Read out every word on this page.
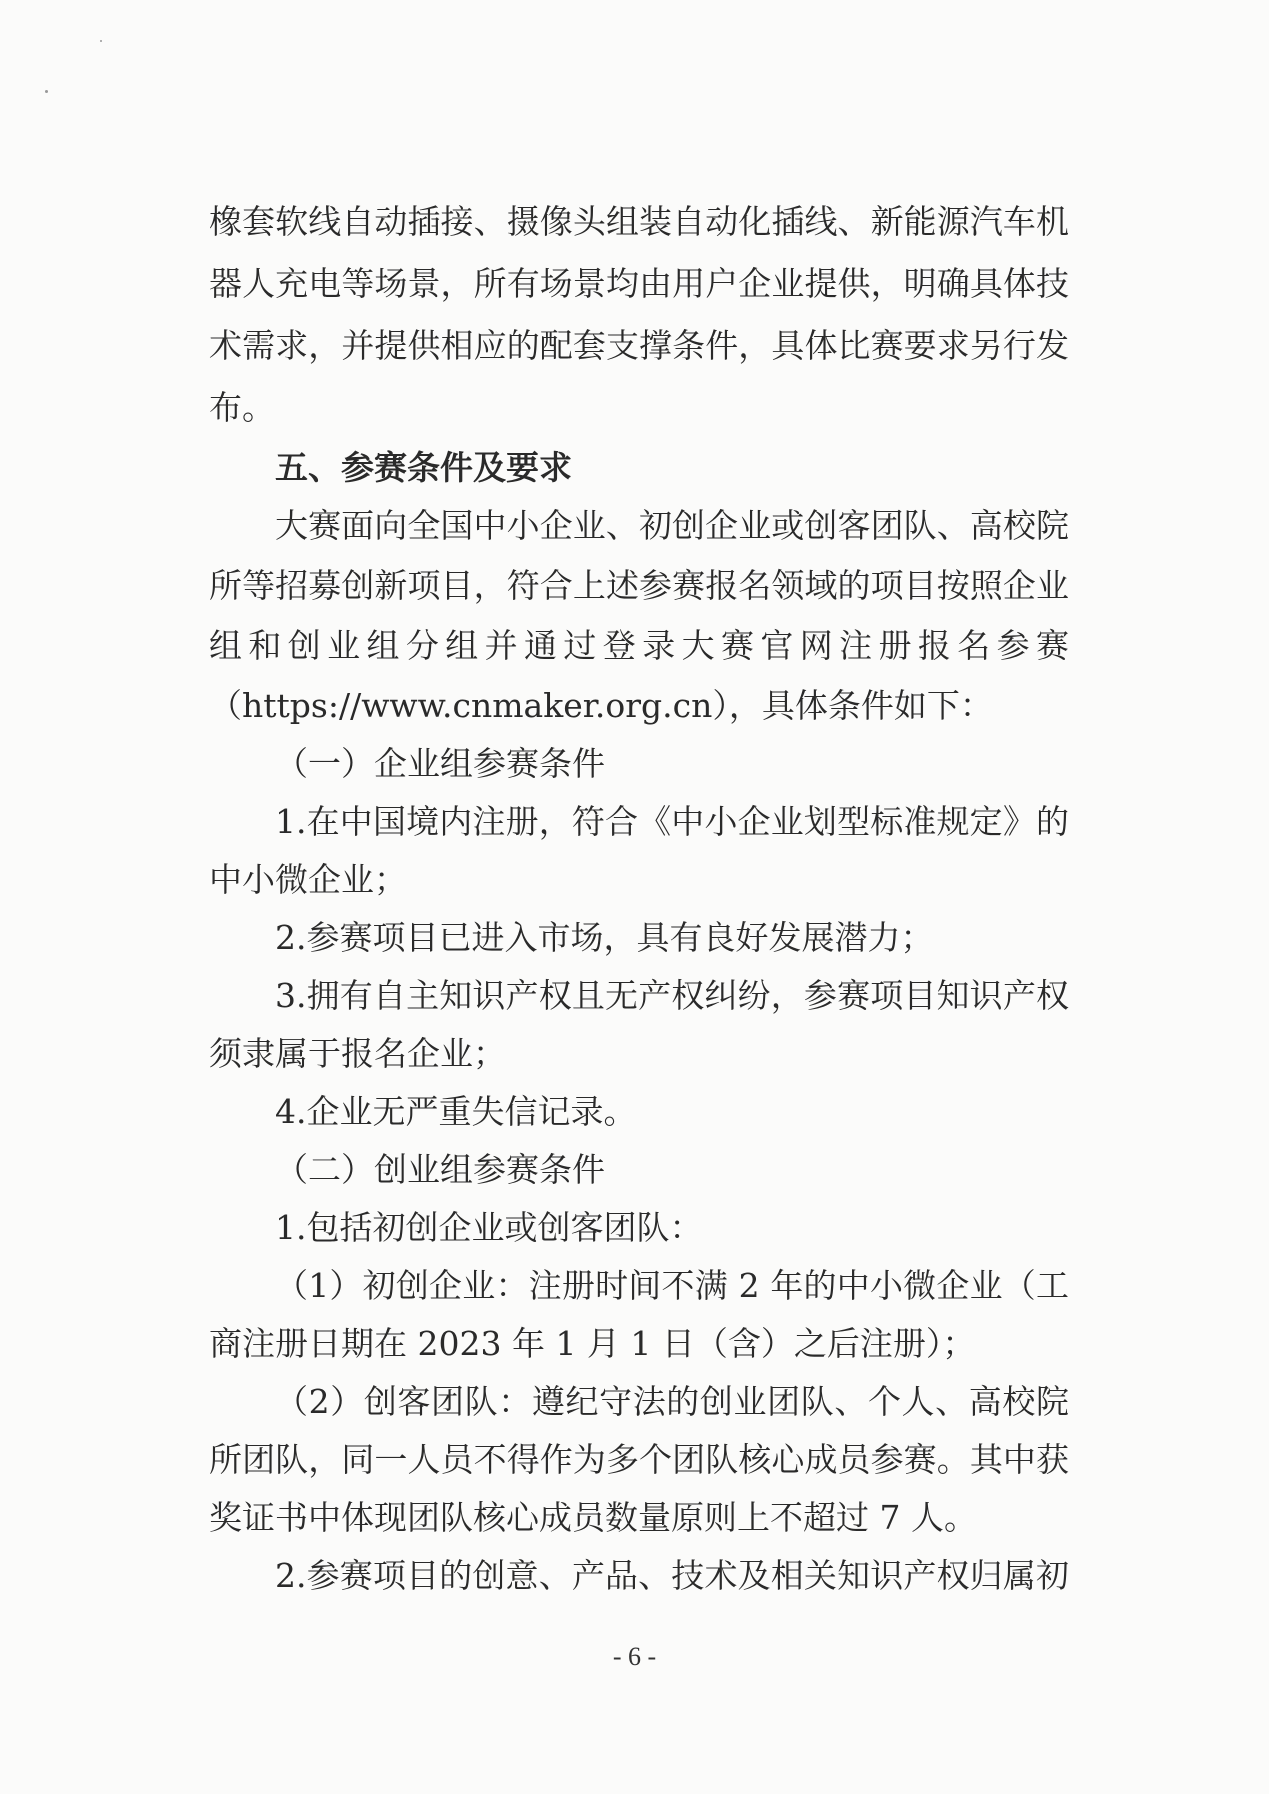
橡套软线自动插接、摄像头组装自动化插线、新能源汽车机
器人充电等场景，所有场景均由用户企业提供，明确具体技
术需求，并提供相应的配套支撑条件，具体比赛要求另行发
布。
五、参赛条件及要求
大赛面向全国中小企业、初创企业或创客团队、高校院
所等招募创新项目，符合上述参赛报名领域的项目按照企业
组和创业组分组并通过登录大赛官网注册报名参赛
（https://www.cnmaker.org.cn），具体条件如下：
（一）企业组参赛条件
1.在中国境内注册，符合《中小企业划型标准规定》的
中小微企业；
2.参赛项目已进入市场，具有良好发展潜力；
3.拥有自主知识产权且无产权纠纷，参赛项目知识产权
须隶属于报名企业；
4.企业无严重失信记录。
（二）创业组参赛条件
1.包括初创企业或创客团队：
（1）初创企业：注册时间不满 2 年的中小微企业（工
商注册日期在 2023 年 1 月 1 日（含）之后注册）；
（2）创客团队：遵纪守法的创业团队、个人、高校院
所团队，同一人员不得作为多个团队核心成员参赛。其中获
奖证书中体现团队核心成员数量原则上不超过 7 人。
2.参赛项目的创意、产品、技术及相关知识产权归属初
- 6 -
